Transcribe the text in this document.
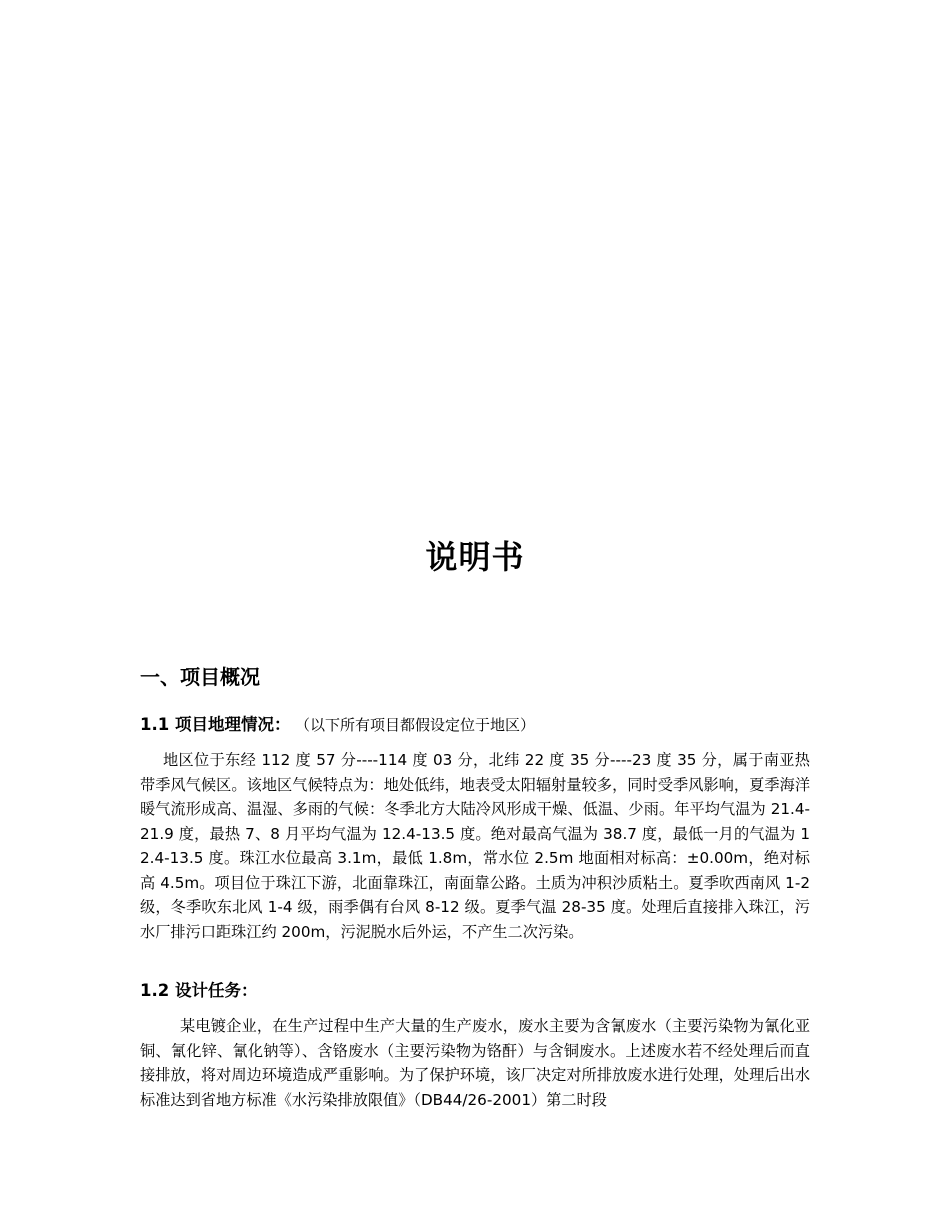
说明书
一、项目概况
1.1 项目地理情况： （以下所有项目都假设定位于地区）

地区位于东经 112 度 57 分----114 度 03 分，北纬 22 度 35 分----23 度 35 分，属于南亚热带季风气候区。该地区气候特点为：地处低纬，地表受太阳辐射量较多，同时受季风影响，夏季海洋暖气流形成高、温湿、多雨的气候：冬季北方大陆冷风形成干燥、低温、少雨。年平均气温为 21.4-21.9 度，最热 7、8 月平均气温为 12.4-13.5 度。绝对最高气温为 38.7 度，最低一月的气温为 12.4-13.5 度。珠江水位最高 3.1m，最低 1.8m，常水位 2.5m 地面相对标高：±0.00m，绝对标高 4.5m。项目位于珠江下游，北面靠珠江，南面靠公路。土质为冲积沙质粘土。夏季吹西南风 1-2 级，冬季吹东北风 1-4 级，雨季偶有台风 8-12 级。夏季气温 28-35 度。处理后直接排入珠江，污水厂排污口距珠江约 200m，污泥脱水后外运，不产生二次污染。

1.2 设计任务：

某电镀企业，在生产过程中生产大量的生产废水，废水主要为含氰废水（主要污染物为氰化亚铜、氰化锌、氰化钠等）、含铬废水（主要污染物为铬酐）与含铜废水。上述废水若不经处理后而直接排放，将对周边环境造成严重影响。为了保护环境，该厂决定对所排放废水进行处理，处理后出水标准达到省地方标准《水污染排放限值》（DB44/26-2001）第二时段
